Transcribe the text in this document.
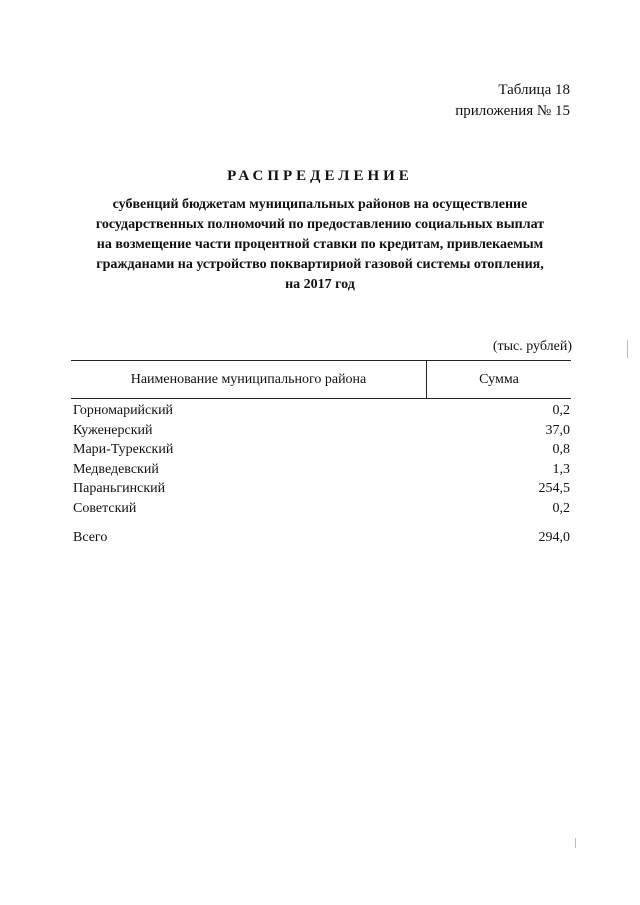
Таблица 18
приложения № 15
РАСПРЕДЕЛЕНИЕ
субвенций бюджетам муниципальных районов на осуществление
государственных полномочий по предоставлению социальных выплат
на возмещение части процентной ставки по кредитам, привлекаемым
гражданами на устройство поквартириой газовой системы отопления,
на 2017 год
(тыс. рублей)
Наименование муниципального района	Сумма
Горномарийский	0,2
Куженерский	37,0
Мари-Турекский	0,8
Медведевский	1,3
Параньгинский	254,5
Советский	0,2
Всего	294,0
